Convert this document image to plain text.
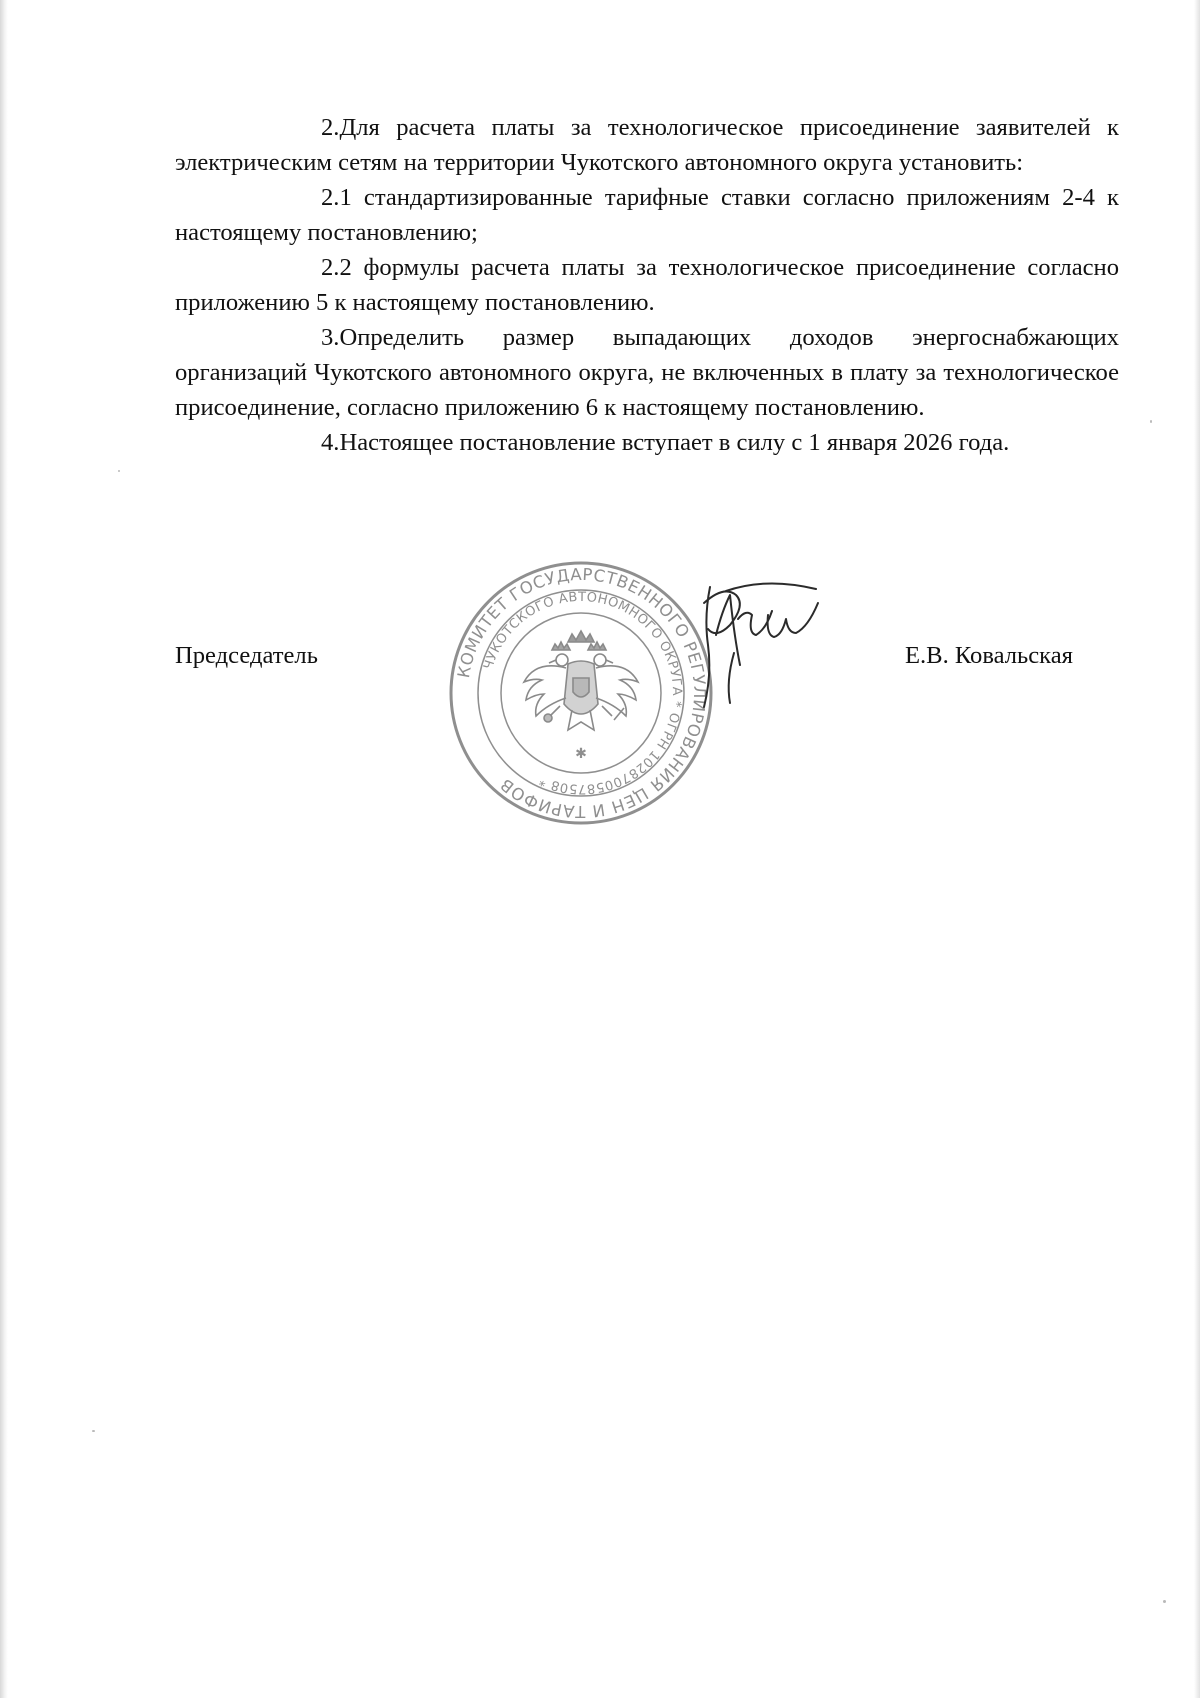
2.Для расчета платы за технологическое присоединение заявителей к электрическим сетям на территории Чукотского автономного округа установить:

2.1 стандартизированные тарифные ставки согласно приложениям 2-4 к настоящему постановлению;

2.2 формулы расчета платы за технологическое присоединение согласно приложению 5 к настоящему постановлению.

3.Определить размер выпадающих доходов энергоснабжающих организаций Чукотского автономного округа, не включенных в плату за технологическое присоединение, согласно приложению 6 к настоящему постановлению.

4.Настоящее постановление вступает в силу с 1 января 2026 года.

Председатель
КОМИТЕТ ГОСУДАРСТВЕННОГО РЕГУЛИРОВАНИЯ ЦЕН И ТАРИФОВ
ЧУКОТСКОГО АВТОНОМНОГО ОКРУГА * ОГРН 1028700587508 *
✱
Е.В. Ковальская
